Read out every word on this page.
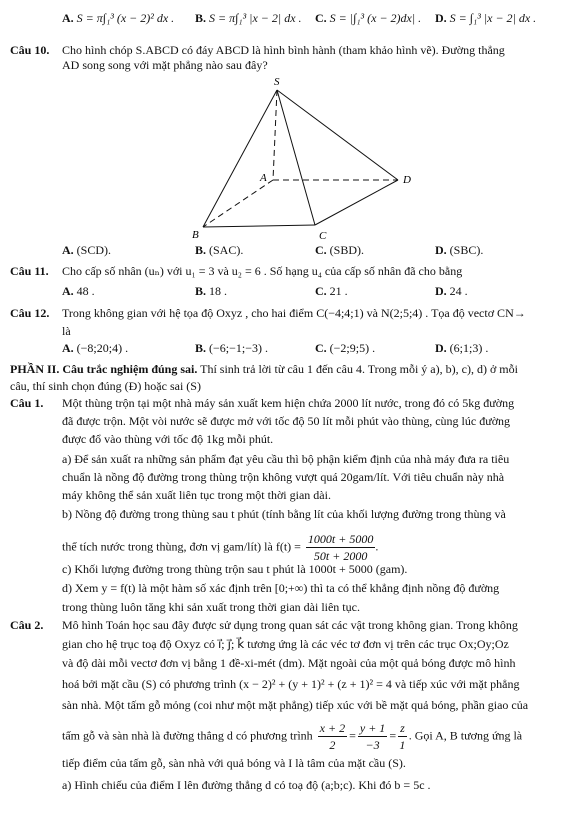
A. S = π∫₁³ (x − 2)² dx . B. S = π∫₁³ |x − 2| dx . C. S = |∫₁³ (x − 2)dx| . D. S = ∫₁³ |x − 2| dx .
Câu 10. Cho hình chóp S.ABCD có đáy ABCD là hình bình hành (tham khảo hình vẽ). Đường thẳng
AD song song với mặt phẳng nào sau đây?
S
A
B	C
D
A. (SCD).	B. (SAC).	C. (SBD).	D. (SBC).
Câu 11. Cho cấp số nhân (uₙ) với u₁ = 3 và u₂ = 6 . Số hạng u₄ của cấp số nhân đã cho bằng
A. 48 .	B. 18 .	C. 21 .	D. 24 .
Câu 12. Trong không gian với hệ tọa độ Oxyz , cho hai điểm C(−4;4;1) và N(2;5;4) . Tọa độ vectơ CN→
là
A. (−8;20;4) .	B. (−6;−1;−3) .	C. (−2;9;5) .	D. (6;1;3) .
PHẦN II. Câu trắc nghiệm đúng sai. Thí sinh trả lời từ câu 1 đến câu 4. Trong mỗi ý a), b), c), d) ở mỗi
câu, thí sinh chọn đúng (Đ) hoặc sai (S)
Câu 1. Một thùng trộn tại một nhà máy sản xuất kem hiện chứa 2000 lít nước, trong đó có 5kg đường
đã được trộn. Một vòi nước sẽ được mở với tốc độ 50 lít mỗi phút vào thùng, cùng lúc đường
được đổ vào thùng với tốc độ 1kg mỗi phút.
a) Để sản xuất ra những sản phẩm đạt yêu cầu thì bộ phận kiểm định của nhà máy đưa ra tiêu
chuẩn là nồng độ đường trong thùng trộn không vượt quá 20gam/lít. Với tiêu chuẩn này nhà
máy không thể sản xuất liên tục trong một thời gian dài.
b) Nồng độ đường trong thùng sau t phút (tính bằng lít của khối lượng đường trong thùng và
thể tích nước trong thùng, đơn vị gam/lít) là $f(t) = \frac{1000t + 5000}{50t + 2000}$ .
c) Khối lượng đường trong thùng trộn sau t phút là 1000t + 5000 (gam).
d) Xem y = f(t) là một hàm số xác định trên [0;+∞) thì ta có thể khẳng định nồng độ đường
trong thùng luôn tăng khi sản xuất trong thời gian dài liên tục.
Câu 2. Mô hình Toán học sau đây được sử dụng trong quan sát các vật trong không gian. Trong không
gian cho hệ trục toạ độ Oxyz có i⃗; j⃗; k⃗ tương ứng là các véc tơ đơn vị trên các trục Ox;Oy;Oz
và độ dài mỗi vectơ đơn vị bằng 1 đề-xi-mét (dm). Mặt ngoài của một quả bóng được mô hình
hoá bởi mặt cầu (S) có phương trình (x − 2)² + (y + 1)² + (z + 1)² = 4 và tiếp xúc với mặt phẳng
sàn nhà. Một tấm gỗ mỏng (coi như một mặt phẳng) tiếp xúc với bề mặt quả bóng, phần giao của
tấm gỗ và sàn nhà là đường thẳng d có phương trình $\frac{x + 2}{2} = \frac{y + 1}{-3} = \frac{z}{1}$ . Gọi A, B tương ứng là
tiếp điểm của tấm gỗ, sàn nhà với quả bóng và I là tâm của mặt cầu (S).
a) Hình chiếu của điểm I lên đường thẳng d có toạ độ (a;b;c). Khi đó b = 5c .
